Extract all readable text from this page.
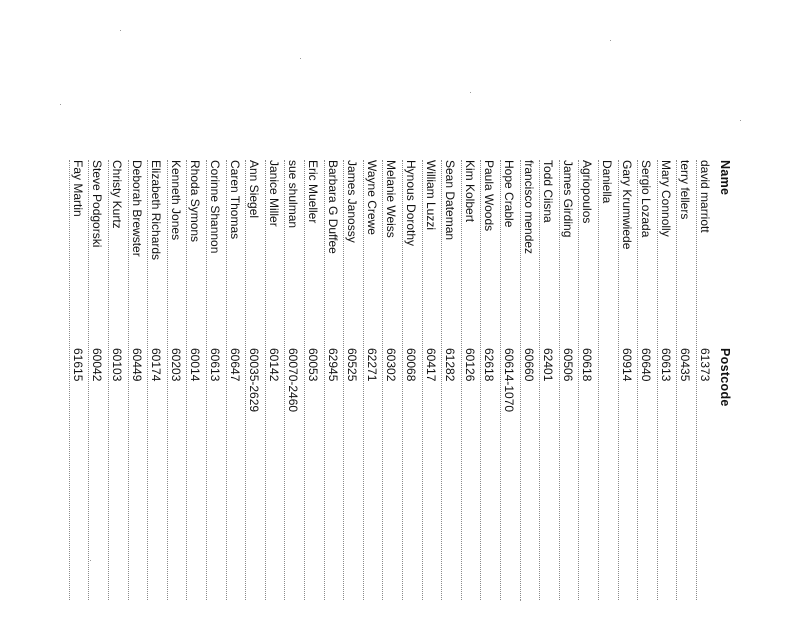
Name
Postcode
david marriott
61373
terry fellers
60435
Mary Connolly
60613
Sergio Lozada
60640
Gary Krumwiede
60914
Daniella
Agriopoulos
60618
James Girding
60506
Todd Ciisna
62401
francisco mendez
60660
Hope Crable
60614-1070
Paula Woods
62618
Kim Kolbert
60126
Sean Dateman
61282
William Luzzi
60417
Hynous Dorothy
60068
Melanie Weiss
60302
Wayne Crewe
62271
James Janossy
60525
Barbara G Duffee
62945
Eric Mueller
60053
sue shulman
60070-2460
Janice Miller
60142
Ann Siegel
60035-2629
Caren Thomas
60647
Corinne Shannon
60613
Rhoda Symons
60014
Kenneth Jones
60203
Elizabeth Richards
60174
Deborah Brewster
60449
Christy Kurtz
60103
Steve Podgorski
60042
Fay Martin
61615
